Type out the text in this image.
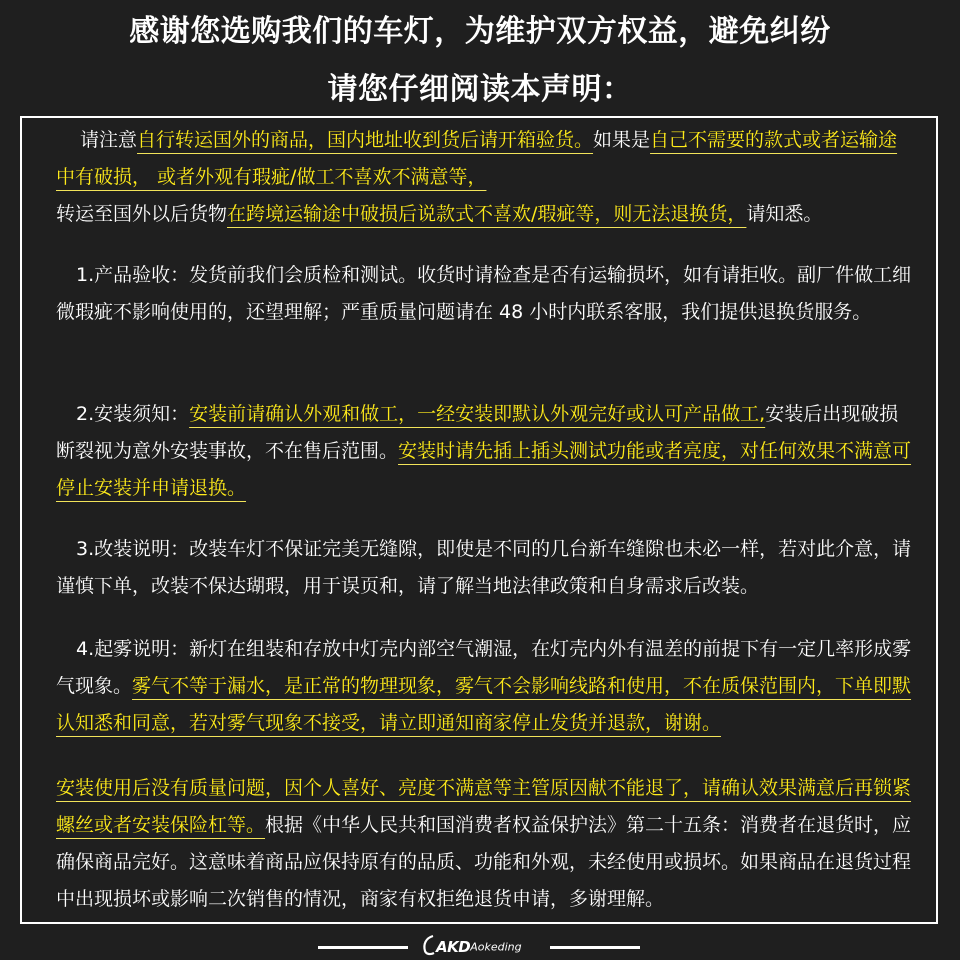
感谢您选购我们的车灯，为维护双方权益，避免纠纷
请您仔细阅读本声明：
请注意自行转运国外的商品，国内地址收到货后请开箱验货。如果是自己不需要的款式或者运输途中有破损， 或者外观有瑕疵/做工不喜欢不满意等，
转运至国外以后货物在跨境运输途中破损后说款式不喜欢/瑕疵等，则无法退换货，请知悉。
1.产品验收：发货前我们会质检和测试。收货时请检查是否有运输损坏，如有请拒收。副厂件做工细微瑕疵不影响使用的，还望理解；严重质量问题请在 48 小时内联系客服，我们提供退换货服务。
2.安装须知：安装前请确认外观和做工，一经安装即默认外观完好或认可产品做工,安装后出现破损断裂视为意外安装事故，不在售后范围。安装时请先插上插头测试功能或者亮度，对任何效果不满意可停止安装并申请退换。
3.改装说明：改装车灯不保证完美无缝隙，即使是不同的几台新车缝隙也未必一样，若对此介意，请谨慎下单，改装不保达瑚瑕，用于误页和，请了解当地法律政策和自身需求后改装。
4.起雾说明：新灯在组装和存放中灯壳内部空气潮湿，在灯壳内外有温差的前提下有一定几率形成雾气现象。雾气不等于漏水，是正常的物理现象，雾气不会影响线路和使用，不在质保范围内，下单即默认知悉和同意，若对雾气现象不接受，请立即通知商家停止发货并退款，谢谢。
安装使用后没有质量问题，因个人喜好、亮度不满意等主管原因献不能退了，请确认效果满意后再锁紧螺丝或者安装保险杠等。根据《中华人民共和国消费者权益保护法》第二十五条：消费者在退货时，应确保商品完好。这意味着商品应保持原有的品质、功能和外观，未经使用或损坏。如果商品在退货过程中出现损坏或影响二次销售的情况，商家有权拒绝退货申请，多谢理解。
AKDAokeding
